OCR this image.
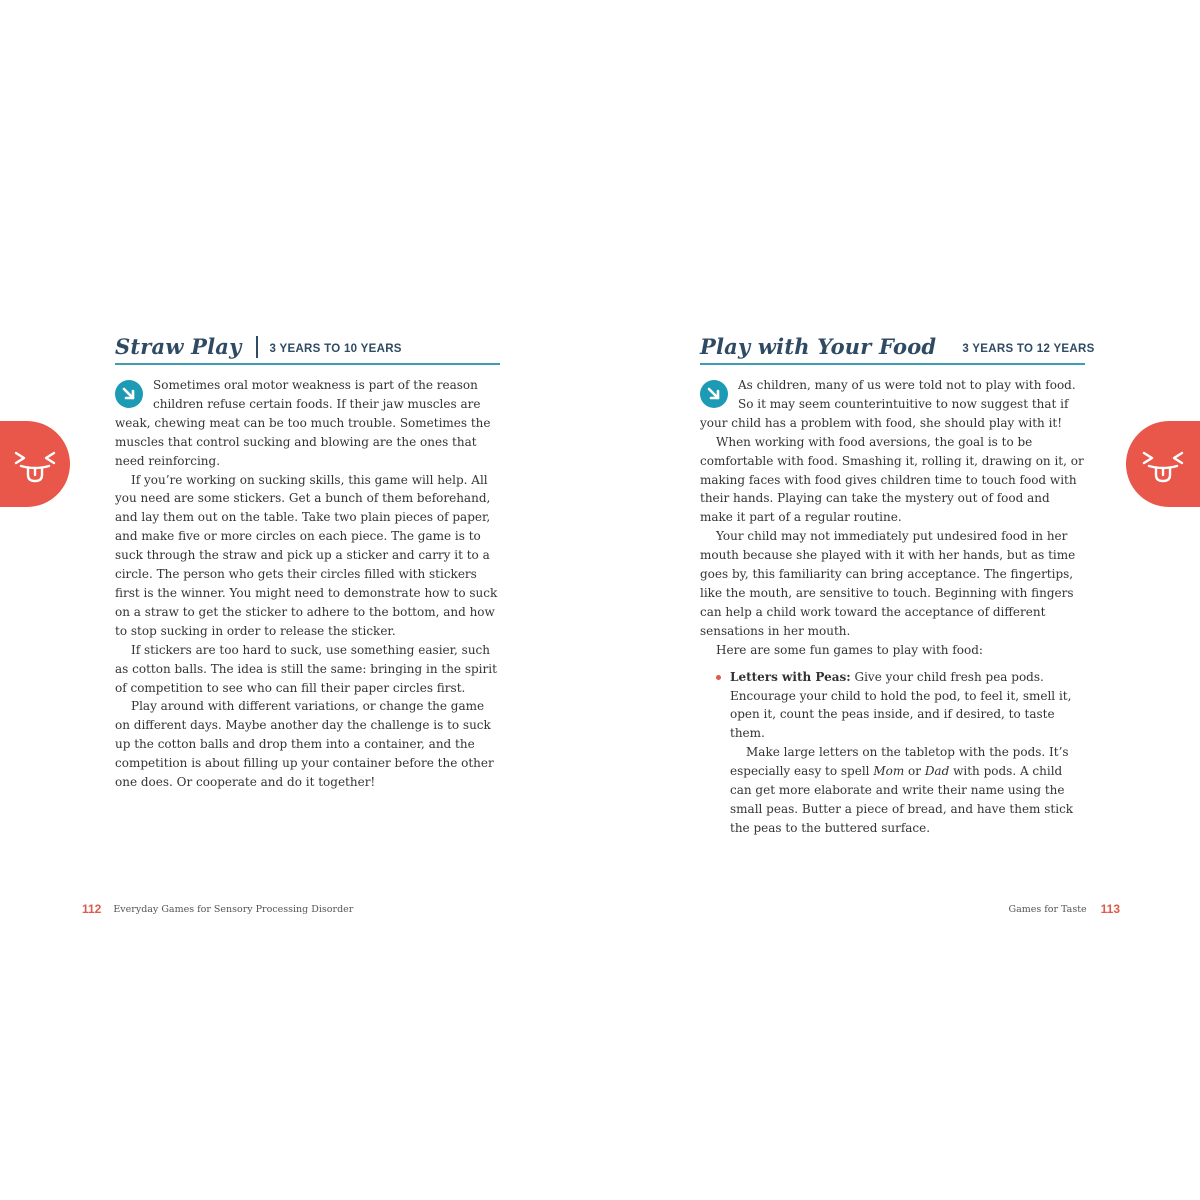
Straw Play 3 YEARS TO 10 YEARS

Sometimes oral motor weakness is part of the reason children refuse certain foods. If their jaw muscles are weak, chewing meat can be too much trouble. Sometimes the muscles that control sucking and blowing are the ones that need reinforcing.

If you’re working on sucking skills, this game will help. All you need are some stickers. Get a bunch of them beforehand, and lay them out on the table. Take two plain pieces of paper, and make five or more circles on each piece. The game is to suck through the straw and pick up a sticker and carry it to a circle. The person who gets their circles filled with stickers first is the winner. You might need to demonstrate how to suck on a straw to get the sticker to adhere to the bottom, and how to stop sucking in order to release the sticker.

If stickers are too hard to suck, use something easier, such as cotton balls. The idea is still the same: bringing in the spirit of competition to see who can fill their paper circles first.

Play around with different variations, or change the game on different days. Maybe another day the challenge is to suck up the cotton balls and drop them into a container, and the competition is about filling up your container before the other one does. Or cooperate and do it together!

112 Everyday Games for Sensory Processing Disorder
Play with Your Food 3 YEARS TO 12 YEARS

As children, many of us were told not to play with food. So it may seem counterintuitive to now suggest that if your child has a problem with food, she should play with it!

When working with food aversions, the goal is to be comfortable with food. Smashing it, rolling it, drawing on it, or making faces with food gives children time to touch food with their hands. Playing can take the mystery out of food and make it part of a regular routine.

Your child may not immediately put undesired food in her mouth because she played with it with her hands, but as time goes by, this familiarity can bring acceptance. The fingertips, like the mouth, are sensitive to touch. Beginning with fingers can help a child work toward the acceptance of different sensations in her mouth.

Here are some fun games to play with food:

Letters with Peas: Give your child fresh pea pods. Encourage your child to hold the pod, to feel it, smell it, open it, count the peas inside, and if desired, to taste them.
Make large letters on the tabletop with the pods. It’s especially easy to spell Mom or Dad with pods. A child can get more elaborate and write their name using the small peas. Butter a piece of bread, and have them stick the peas to the buttered surface.
Games for Taste 113
